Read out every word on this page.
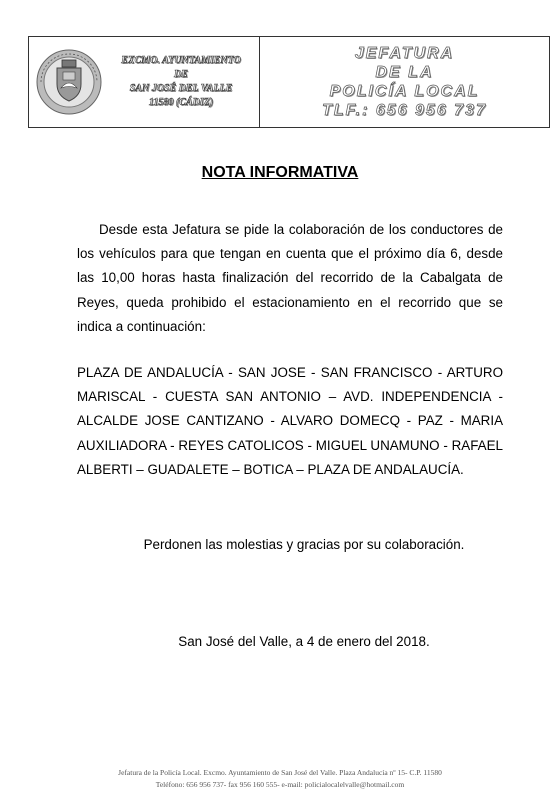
EXCMO. AYUNTAMIENTO
DE
SAN JOSÉ DEL VALLE
11580 (CÁDIZ)
JEFATURA
DE LA
POLICÍA LOCAL
TLF.: 656 956 737
NOTA INFORMATIVA
Desde esta Jefatura se pide la colaboración de los conductores de los vehículos para que tengan en cuenta que el próximo día 6, desde las 10,00 horas hasta finalización del recorrido de la Cabalgata de Reyes, queda prohibido el estacionamiento en el recorrido que se indica a continuación:
PLAZA DE ANDALUCÍA - SAN JOSE - SAN FRANCISCO - ARTURO MARISCAL - CUESTA SAN ANTONIO – AVD. INDEPENDENCIA - ALCALDE JOSE CANTIZANO - ALVARO DOMECQ - PAZ - MARIA AUXILIADORA - REYES CATOLICOS - MIGUEL UNAMUNO - RAFAEL ALBERTI – GUADALETE – BOTICA – PLAZA DE ANDALAUCÍA.
Perdonen las molestias y gracias por su colaboración.
San José del Valle, a 4 de enero del 2018.
Jefatura de la Policía Local. Excmo. Ayuntamiento de San José del Valle. Plaza Andalucía nº 15- C.P. 11580
Teléfono: 656 956 737- fax 956 160 555- e-mail: policialocalelvalle@hotmail.com
